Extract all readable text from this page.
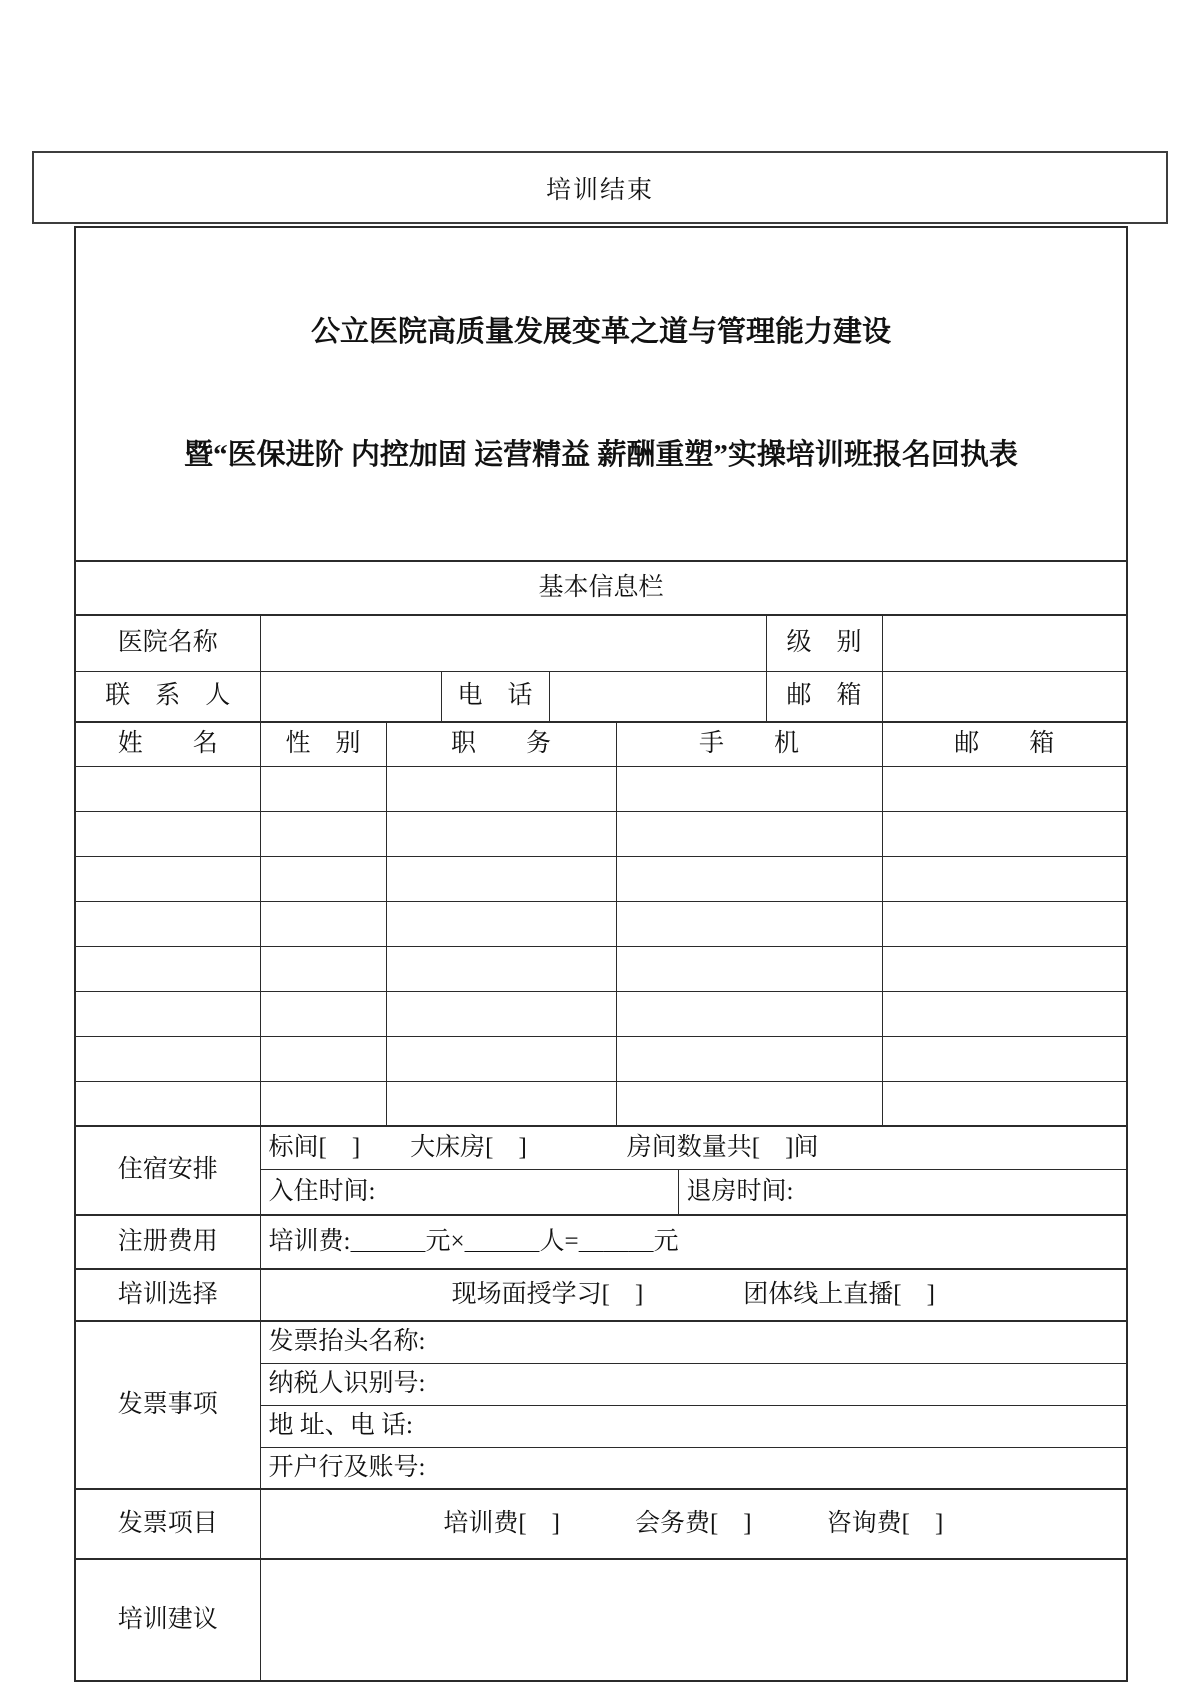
培训结束

公立医院高质量发展变革之道与管理能力建设

暨“医保进阶 内控加固 运营精益 薪酬重塑”实操培训班报名回执表								

基本信息栏								
医院名称							级　别	
联　系　人			电　话				邮　箱	
姓　　名	性　别	职　　务			手　　机			邮　　箱

住宿安排	标间[　]　　大床房[　]　　　　房间数量共[　]间							
	入住时间:					退房时间:		
注册费用	培训费:＿＿＿元×＿＿＿人=＿＿＿元							
培训选择	现场面授学习[　]　　　　团体线上直播[　]							
发票事项	发票抬头名称:							
	纳税人识别号:							
	地 址、电 话:							
	开户行及账号:							
发票项目	培训费[　]　　　会务费[　]　　　咨询费[　]							
培训建议								
